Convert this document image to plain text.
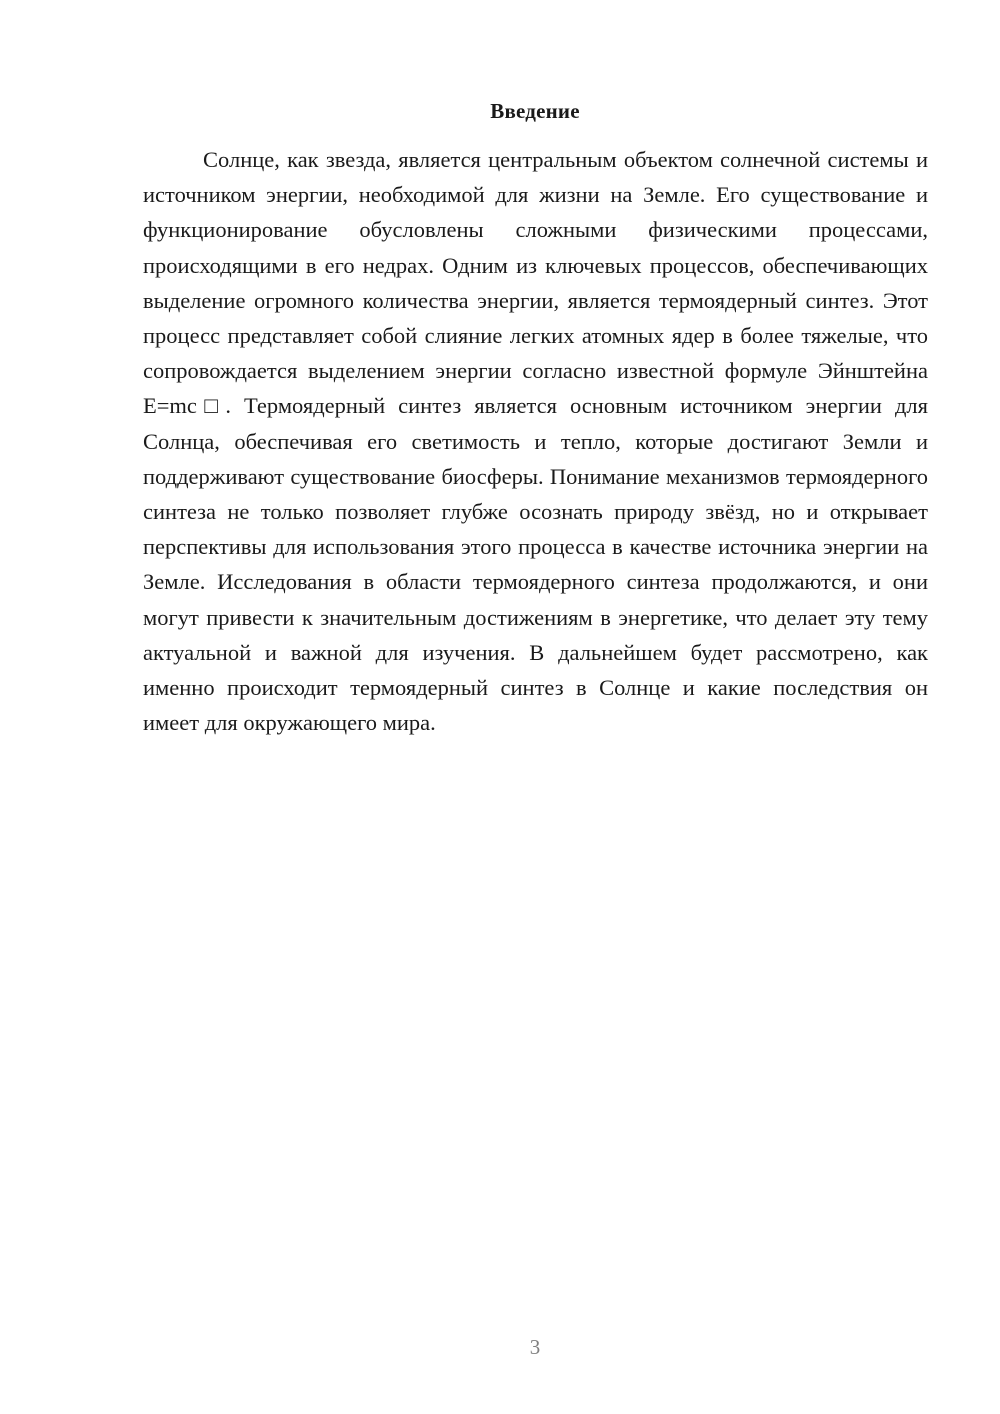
Введение

Солнце, как звезда, является центральным объектом солнечной системы и источником энергии, необходимой для жизни на Земле. Его существование и функционирование обусловлены сложными физическими процессами, происходящими в его недрах. Одним из ключевых процессов, обеспечивающих выделение огромного количества энергии, является термоядерный синтез. Этот процесс представляет собой слияние легких атомных ядер в более тяжелые, что сопровождается выделением энергии согласно известной формуле Эйнштейна E=mc□. Термоядерный синтез является основным источником энергии для Солнца, обеспечивая его светимость и тепло, которые достигают Земли и поддерживают существование биосферы. Понимание механизмов термоядерного синтеза не только позволяет глубже осознать природу звёзд, но и открывает перспективы для использования этого процесса в качестве источника энергии на Земле. Исследования в области термоядерного синтеза продолжаются, и они могут привести к значительным достижениям в энергетике, что делает эту тему актуальной и важной для изучения. В дальнейшем будет рассмотрено, как именно происходит термоядерный синтез в Солнце и какие последствия он имеет для окружающего мира.

3
